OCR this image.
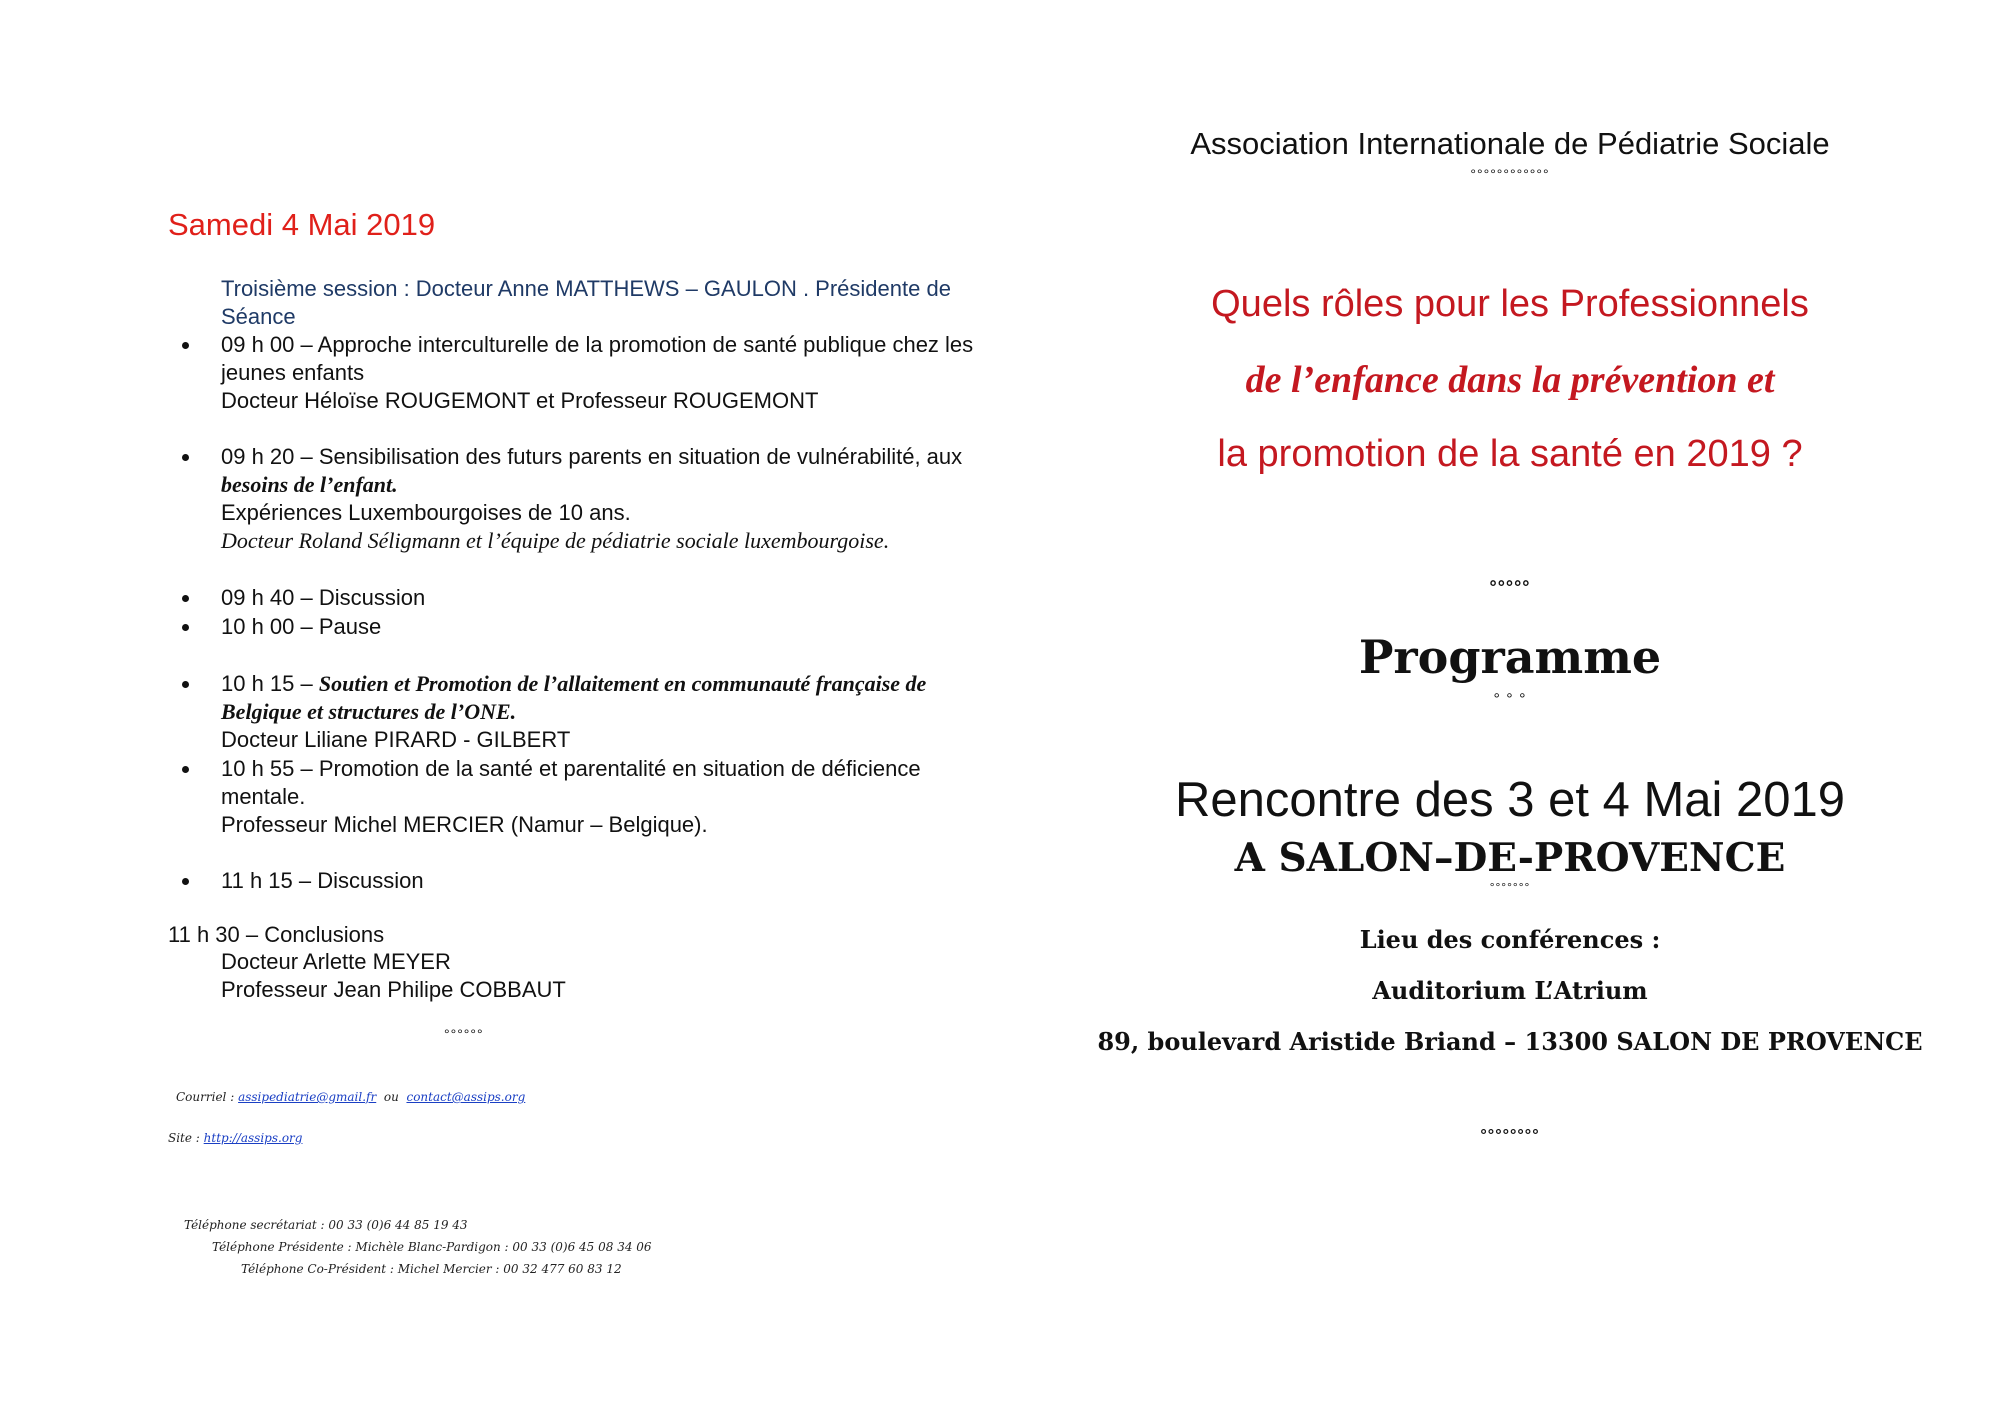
Samedi 4 Mai 2019
Troisième session : Docteur Anne MATTHEWS – GAULON . Présidente de
Séance
09 h 00 – Approche interculturelle de la promotion de santé publique chez les
jeunes enfants
Docteur Héloïse ROUGEMONT et Professeur ROUGEMONT
09 h 20 – Sensibilisation des futurs parents en situation de vulnérabilité, aux
besoins de l’enfant.
Expériences Luxembourgoises de 10 ans.
Docteur Roland Séligmann et l’équipe de pédiatrie sociale luxembourgoise.
09 h 40 – Discussion
10 h 00 – Pause
10 h 15 – Soutien et Promotion de l’allaitement en communauté française de
Belgique et structures de l’ONE.
Docteur Liliane PIRARD - GILBERT
10 h 55 – Promotion de la santé et parentalité en situation de déficience
mentale.
Professeur Michel MERCIER (Namur – Belgique).
11 h 15 – Discussion
11 h 30 – Conclusions
Docteur Arlette MEYER
Professeur Jean Philipe COBBAUT
°°°°°°
Courriel : assipediatrie@gmail.fr ou contact@assips.org
Site : http://assips.org
Téléphone secrétariat : 00 33 (0)6 44 85 19 43
Téléphone Présidente : Michèle Blanc-Pardigon : 00 33 (0)6 45 08 34 06
Téléphone Co-Président : Michel Mercier : 00 32 477 60 83 12
Association Internationale de Pédiatrie Sociale
°°°°°°°°°°°°
Quels rôles pour les Professionnels
de l’enfance dans la prévention et
la promotion de la santé en 2019 ?
°°°°°
Programme
° ° °
Rencontre des 3 et 4 Mai 2019
A SALON–DE-PROVENCE
°°°°°°°
Lieu des conférences :
Auditorium L’Atrium
89, boulevard Aristide Briand – 13300 SALON DE PROVENCE
°°°°°°°°
